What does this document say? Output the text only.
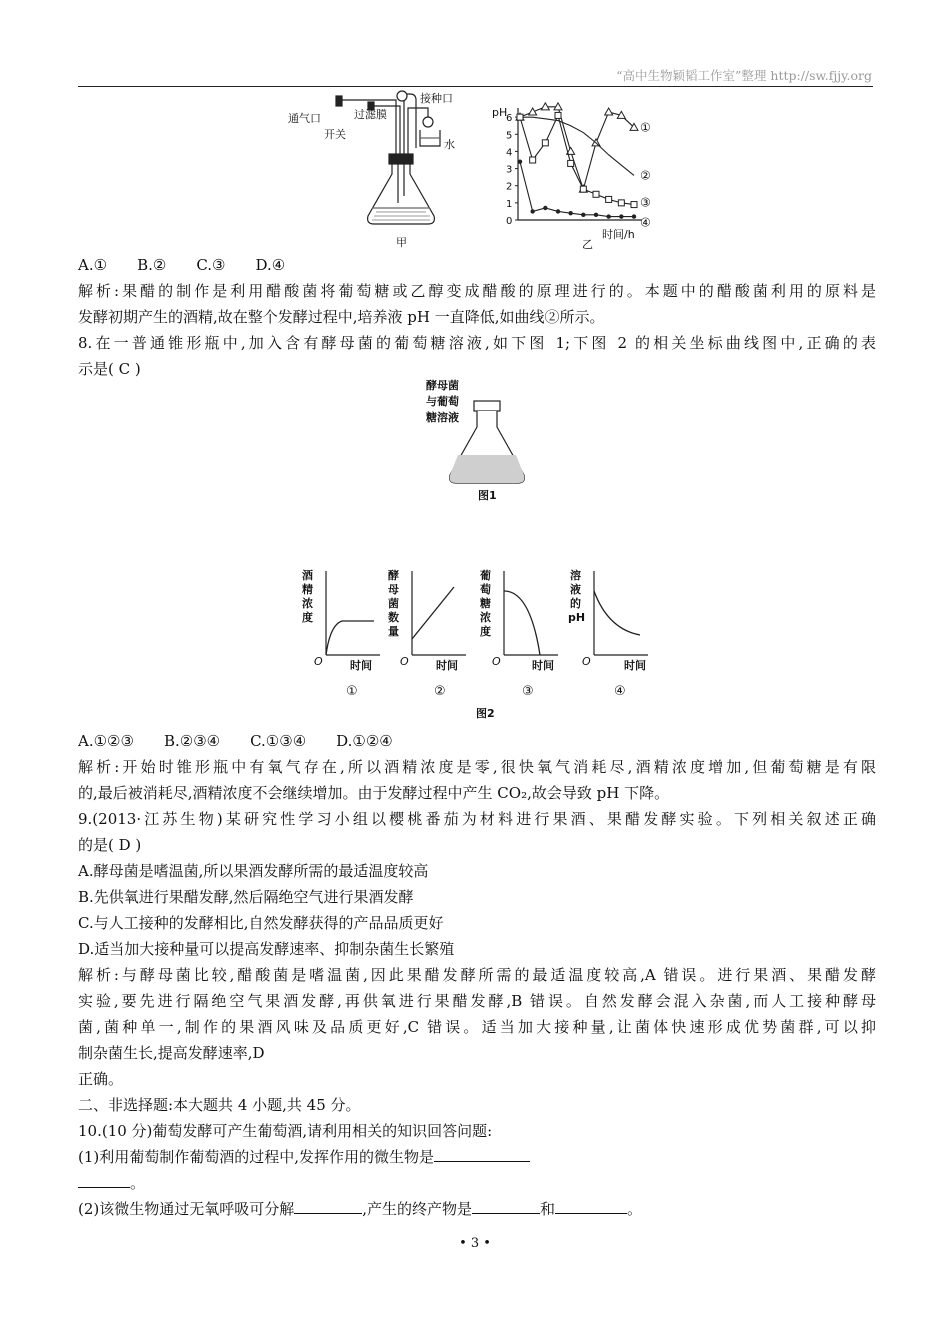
“高中生物颖韬工作室”整理 http://sw.fjjy.org
通气口
开关
过滤膜
接种口
水
甲
pH
时间/h
乙
0
1
2
3
4
5
6
①
②
③
④
A.① B.② C.③ D.④
解析:果醋的制作是利用醋酸菌将葡萄糖或乙醇变成醋酸的原理进行的。本题中的醋酸菌利用的原料是
发酵初期产生的酒精,故在整个发酵过程中,培养液 pH 一直降低,如曲线②所示。
8.在一普通锥形瓶中,加入含有酵母菌的葡萄糖溶液,如下图 1;下图 2 的相关坐标曲线图中,正确的表
示是( C )
酵母菌
与葡萄
糖溶液
图1
酒精浓度
O 时间
①
酵母菌数量
O 时间
②
葡萄糖浓度
O	时间
③
溶液的 pH
O	时间
④
图2
A.①②③ B.②③④ C.①③④ D.①②④
解析:开始时锥形瓶中有氧气存在,所以酒精浓度是零,很快氧气消耗尽,酒精浓度增加,但葡萄糖是有限
的,最后被消耗尽,酒精浓度不会继续增加。由于发酵过程中产生 CO₂,故会导致 pH 下降。
9.(2013·江苏生物)某研究性学习小组以樱桃番茄为材料进行果酒、果醋发酵实验。下列相关叙述正确
的是( D )
A.酵母菌是嗜温菌,所以果酒发酵所需的最适温度较高
B.先供氧进行果醋发酵,然后隔绝空气进行果酒发酵
C.与人工接种的发酵相比,自然发酵获得的产品品质更好
D.适当加大接种量可以提高发酵速率、抑制杂菌生长繁殖
解析:与酵母菌比较,醋酸菌是嗜温菌,因此果醋发酵所需的最适温度较高,A 错误。进行果酒、果醋发酵
实验,要先进行隔绝空气果酒发酵,再供氧进行果醋发酵,B 错误。自然发酵会混入杂菌,而人工接种酵母
菌,菌种单一,制作的果酒风味及品质更好,C 错误。适当加大接种量,让菌体快速形成优势菌群,可以抑
制杂菌生长,提高发酵速率,D
正确。
二、非选择题:本大题共 4 小题,共 45 分。
10.(10 分)葡萄发酵可产生葡萄酒,请利用相关的知识回答问题:
(1)利用葡萄制作葡萄酒的过程中,发挥作用的微生物是
。
(2)该微生物通过无氧呼吸可分解	,产生的终产物是	和	。
• 3 •
